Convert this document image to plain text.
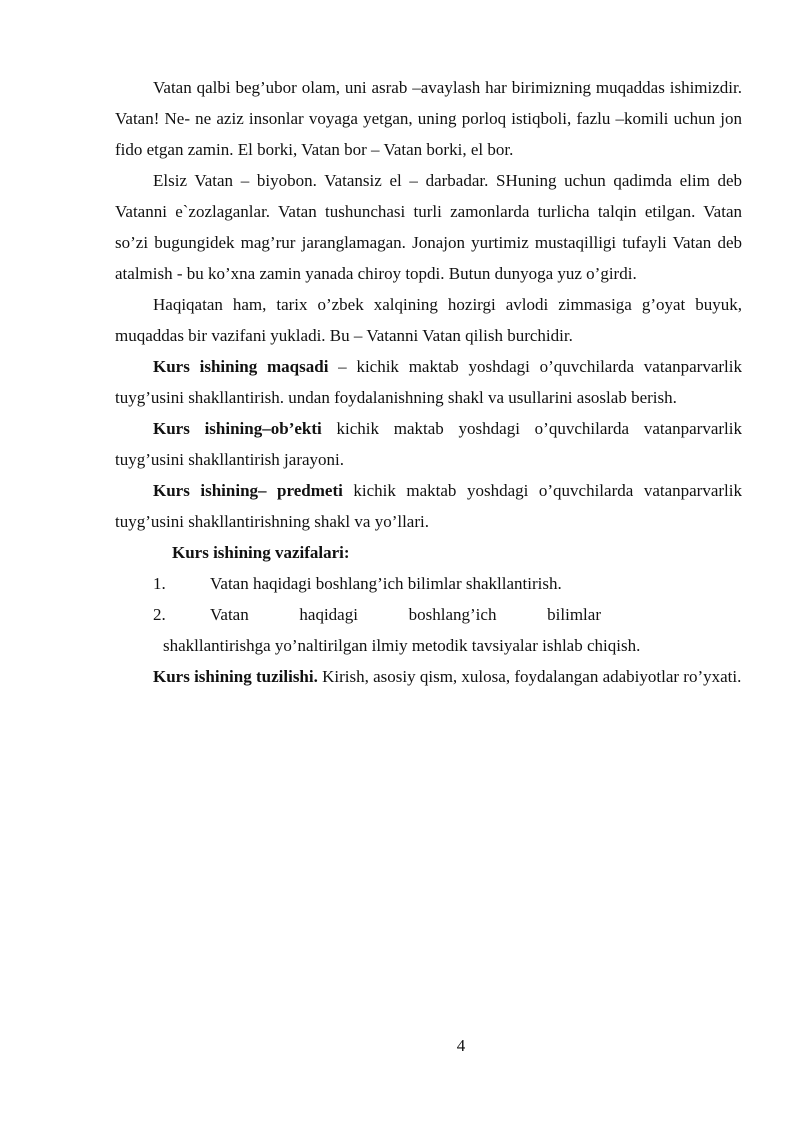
Vatan qalbi beg’ubor olam, uni asrab –avaylash har birimizning muqaddas ishimizdir. Vatan! Ne- ne aziz insonlar voyaga yetgan, uning porloq istiqboli, fazlu –komili uchun jon fido etgan zamin. El borki, Vatan bor – Vatan borki, el bor.

Elsiz Vatan – biyobon. Vatansiz el – darbadar. SHuning uchun qadimda elim deb Vatanni e`zozlaganlar. Vatan tushunchasi turli zamonlarda turlicha talqin etilgan. Vatan so’zi bugungidek mag’rur jaranglamagan. Jonajon yurtimiz mustaqilligi tufayli Vatan deb atalmish - bu ko’xna zamin yanada chiroy topdi. Butun dunyoga yuz o’girdi.

Haqiqatan ham, tarix o’zbek xalqining hozirgi avlodi zimmasiga g’oyat buyuk, muqaddas bir vazifani yukladi. Bu – Vatanni Vatan qilish burchidir.

Kurs ishining maqsadi – kichik maktab yoshdagi o’quvchilarda vatanparvarlik tuyg’usini shakllantirish. undan foydalanishning shakl va usullarini asoslab berish.

Kurs ishining–ob’ekti kichik maktab yoshdagi o’quvchilarda vatanparvarlik tuyg’usini shakllantirish jarayoni.

Kurs ishining– predmeti kichik maktab yoshdagi o’quvchilarda vatanparvarlik tuyg’usini shakllantirishning shakl va yo’llari.

Kurs ishining vazifalari:

1.	Vatan haqidagi boshlang’ich bilimlar shakllantirish.
2.	Vatan	haqidagi	boshlang’ich	bilimlar

shakllantirishga yo’naltirilgan ilmiy metodik tavsiyalar ishlab chiqish.

Kurs ishining tuzilishi. Kirish, asosiy qism, xulosa, foydalangan adabiyotlar ro’yxati.

4
